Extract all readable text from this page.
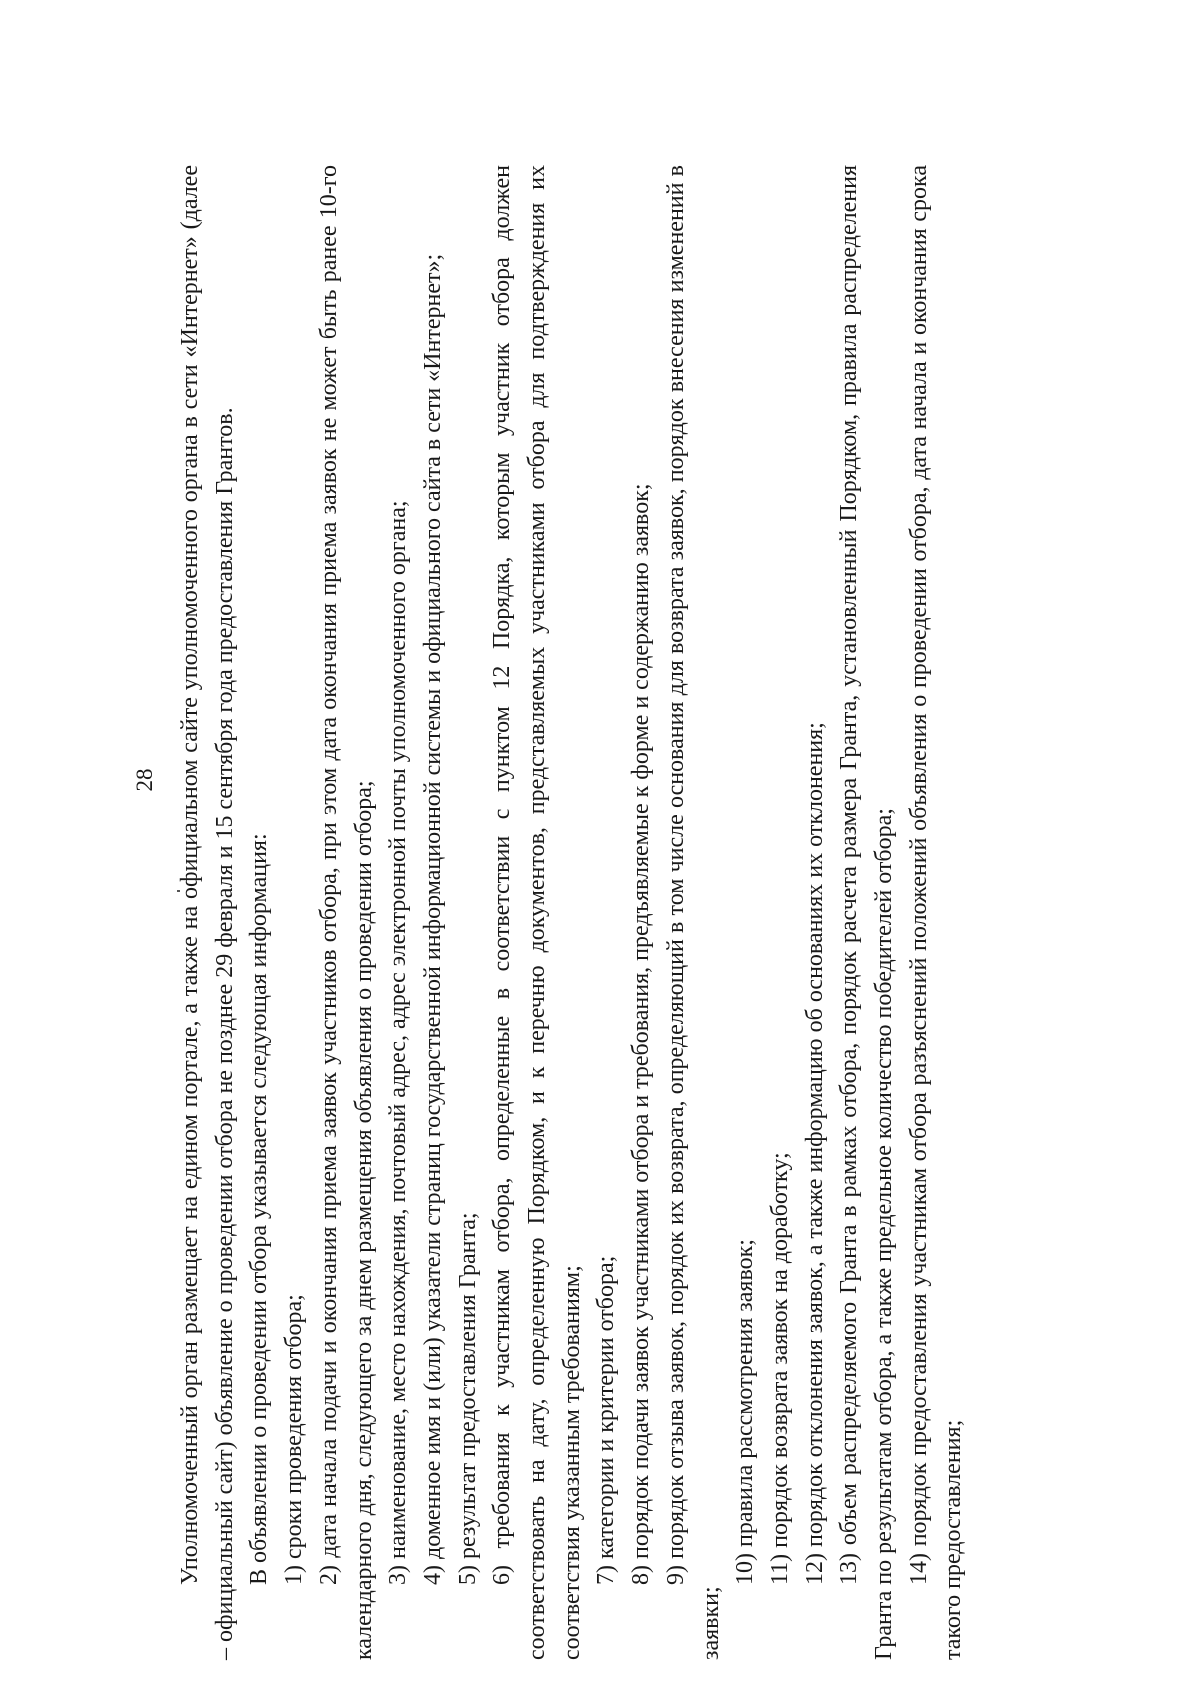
28 Уполномоченный орган размещает на едином портале, а также на официальном сайте уполномоченного органа в сети «Интернет» (далее – официальный сайт) объявление о проведении отбора не позднее 29 февраля и 15 сентября года предоставления Грантов. В объявлении о проведении отбора указывается следующая информация: 1) сроки проведения отбора; 2) дата начала подачи и окончания приема заявок участников отбора, при этом дата окончания приема заявок не может быть ранее 10-го календарного дня, следующего за днем размещения объявления о проведении отбора; 3) наименование, место нахождения, почтовый адрес, адрес электронной почты уполномоченного органа; 4) доменное имя и (или) указатели страниц государственной информационной системы и официального сайта в сети «Интернет»; 5) результат предоставления Гранта; 6) требования к участникам отбора, определенные в соответствии с пунктом 12 Порядка, которым участник отбора должен соответствовать на дату, определенную Порядком, и к перечню документов, представляемых участниками отбора для подтверждения их соответствия указанным требованиям; 7) категории и критерии отбора; 8) порядок подачи заявок участниками отбора и требования, предъявляемые к форме и содержанию заявок; 9) порядок отзыва заявок, порядок их возврата, определяющий в том числе основания для возврата заявок, порядок внесения изменений в заявки;

10) правила рассмотрения заявок; 11) порядок возврата заявок на доработку; 12) порядок отклонения заявок, а также информацию об основаниях их отклонения; 13) объем распределяемого Гранта в рамках отбора, порядок расчета размера Гранта, установленный Порядком, правила распределения Гранта по результатам отбора, а также предельное количество победителей отбора; 14) порядок предоставления участникам отбора разъяснений положений объявления о проведении отбора, дата начала и окончания срока такого предоставления;
